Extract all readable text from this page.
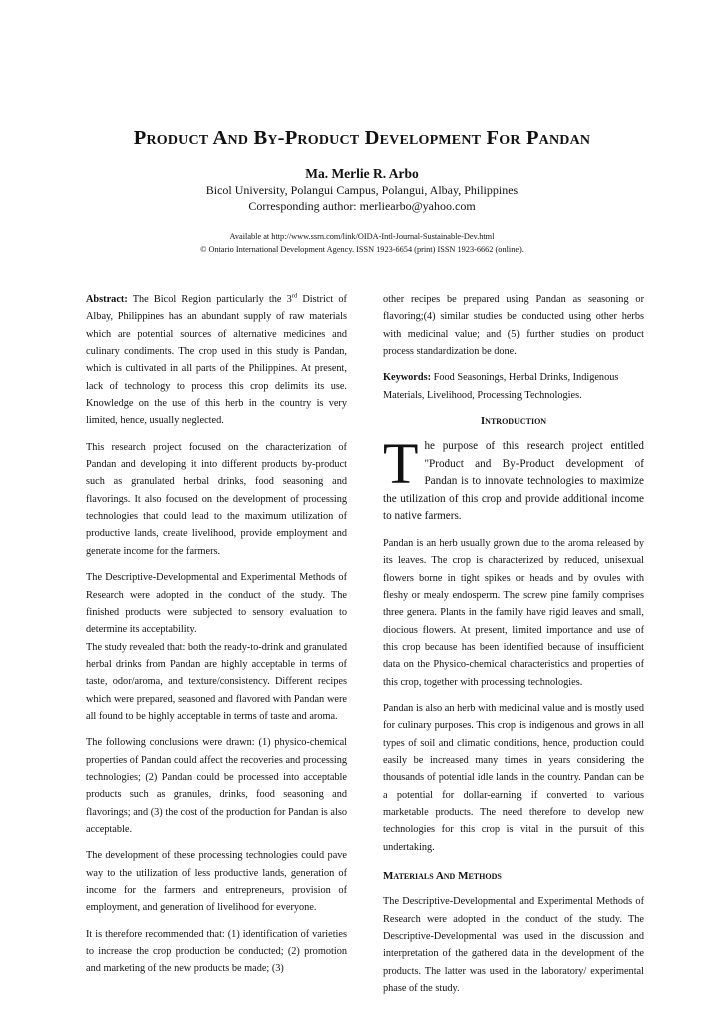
Product And By-Product Development For Pandan
Ma. Merlie R. Arbo
Bicol University, Polangui Campus, Polangui, Albay, Philippines
Corresponding author: merliearbo@yahoo.com
Available at http://www.ssrn.com/link/OIDA-Intl-Journal-Sustainable-Dev.html
© Ontario International Development Agency. ISSN 1923-6654 (print) ISSN 1923-6662 (online).

Abstract: The Bicol Region particularly the 3rd District of Albay, Philippines has an abundant supply of raw materials which are potential sources of alternative medicines and culinary condiments. The crop used in this study is Pandan, which is cultivated in all parts of the Philippines. At present, lack of technology to process this crop delimits its use. Knowledge on the use of this herb in the country is very limited, hence, usually neglected.

This research project focused on the characterization of Pandan and developing it into different products by-product such as granulated herbal drinks, food seasoning and flavorings. It also focused on the development of processing technologies that could lead to the maximum utilization of productive lands, create livelihood, provide employment and generate income for the farmers.

The Descriptive-Developmental and Experimental Methods of Research were adopted in the conduct of the study. The finished products were subjected to sensory evaluation to determine its acceptability.

The study revealed that: both the ready-to-drink and granulated herbal drinks from Pandan are highly acceptable in terms of taste, odor/aroma, and texture/consistency. Different recipes which were prepared, seasoned and flavored with Pandan were all found to be highly acceptable in terms of taste and aroma.

The following conclusions were drawn: (1) physico-chemical properties of Pandan could affect the recoveries and processing technologies; (2) Pandan could be processed into acceptable products such as granules, drinks, food seasoning and flavorings; and (3) the cost of the production for Pandan is also acceptable.

The development of these processing technologies could pave way to the utilization of less productive lands, generation of income for the farmers and entrepreneurs, provision of employment, and generation of livelihood for everyone.

It is therefore recommended that: (1) identification of varieties to increase the crop production be conducted; (2) promotion and marketing of the new products be made; (3)

other recipes be prepared using Pandan as seasoning or flavoring;(4) similar studies be conducted using other herbs with medicinal value; and (5) further studies on product process standardization be done.

Keywords: Food Seasonings, Herbal Drinks, Indigenous Materials, Livelihood, Processing Technologies.

Introduction

The purpose of this research project entitled "Product and By-Product development of Pandan is to innovate technologies to maximize the utilization of this crop and provide additional income to native farmers.

Pandan is an herb usually grown due to the aroma released by its leaves. The crop is characterized by reduced, unisexual flowers borne in tight spikes or heads and by ovules with fleshy or mealy endosperm. The screw pine family comprises three genera. Plants in the family have rigid leaves and small, diocious flowers. At present, limited importance and use of this crop because has been identified because of insufficient data on the Physico-chemical characteristics and properties of this crop, together with processing technologies.

Pandan is also an herb with medicinal value and is mostly used for culinary purposes. This crop is indigenous and grows in all types of soil and climatic conditions, hence, production could easily be increased many times in years considering the thousands of potential idle lands in the country. Pandan can be a potential for dollar-earning if converted to various marketable products. The need therefore to develop new technologies for this crop is vital in the pursuit of this undertaking.

Materials And Methods

The Descriptive-Developmental and Experimental Methods of Research were adopted in the conduct of the study. The Descriptive-Developmental was used in the discussion and interpretation of the gathered data in the development of the products. The latter was used in the laboratory/ experimental phase of the study.
